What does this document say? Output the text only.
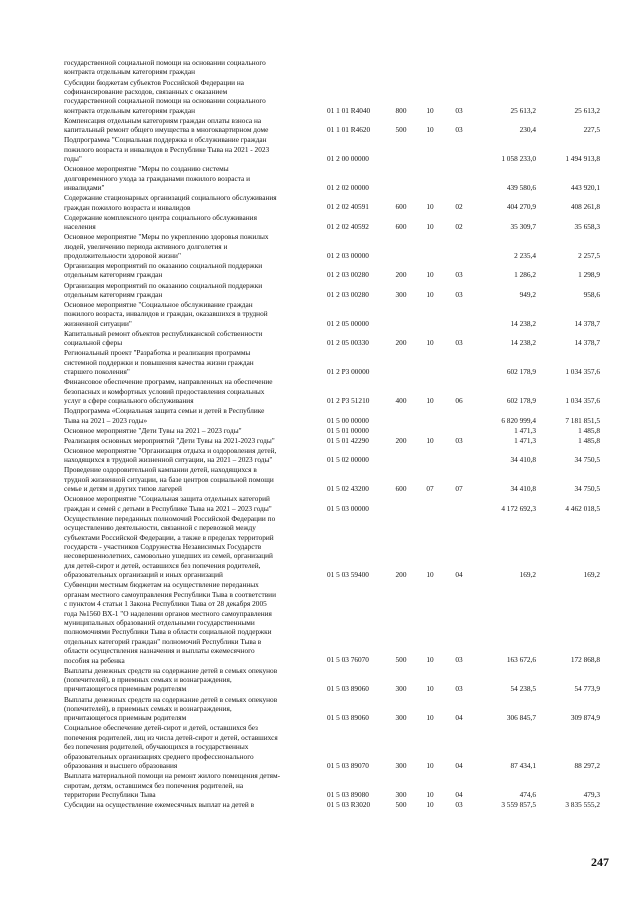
государственной социальной помощи на основании социального
контракта отдельным категориям граждан
Субсидии бюджетам субъектов Российской Федерации на
софинансирование расходов, связанных с оказанием
государственной социальной помощи на основании социального
контракта отдельным категориям граждан	01 1 01 R4040	800	10	03	25 613,2	25 613,2
Компенсация отдельным категориям граждан оплаты взноса на
капитальный ремонт общего имущества в многоквартирном доме	01 1 01 R4620	500	10	03	230,4	227,5
Подпрограмма "Социальная поддержка и обслуживание граждан
пожилого возраста и инвалидов в Республике Тыва на 2021 - 2023
годы"	01 2 00 00000	1 058 233,0	1 494 913,8
Основное мероприятие "Меры по созданию системы
долговременного ухода за гражданами пожилого возраста и
инвалидами"	01 2 02 00000	439 580,6	443 920,1
Содержание стационарных организаций социального обслуживания
граждан пожилого возраста и инвалидов	01 2 02 40591	600	10	02	404 270,9	408 261,8
Содержание комплексного центра социального обслуживания
населения	01 2 02 40592	600	10	02	35 309,7	35 658,3
Основное мероприятие "Меры по укреплению здоровья пожилых
людей, увеличению периода активного долголетия и
продолжительности здоровой жизни"	01 2 03 00000	2 235,4	2 257,5
Организация мероприятий по оказанию социальной поддержки
отдельным категориям граждан	01 2 03 00280	200	10	03	1 286,2	1 298,9
Организация мероприятий по оказанию социальной поддержки
отдельным категориям граждан	01 2 03 00280	300	10	03	949,2	958,6
Основное мероприятие "Социальное обслуживание граждан
пожилого возраста, инвалидов и граждан, оказавшихся в трудной
жизненной ситуации"	01 2 05 00000	14 238,2	14 378,7
Капитальный ремонт объектов республиканской собственности
социальной сферы	01 2 05 00330	200	10	03	14 238,2	14 378,7
Региональный проект "Разработка и реализация программы
системной поддержки и повышения качества жизни граждан
старшего поколения"	01 2 P3 00000	602 178,9	1 034 357,6
Финансовое обеспечение программ, направленных на обеспечение
безопасных и комфортных условий предоставления социальных
услуг в сфере социального обслуживания	01 2 P3 51210	400	10	06	602 178,9	1 034 357,6
Подпрограмма «Социальная защита семьи и детей в Республике
Тыва на 2021 – 2023 годы»	01 5 00 00000	6 820 999,4	7 181 851,5
Основное мероприятие "Дети Тувы на 2021 – 2023 годы"	01 5 01 00000	1 471,3	1 485,8
Реализация основных мероприятий "Дети Тувы на 2021-2023 годы"	01 5 01 42290	200	10	03	1 471,3	1 485,8
Основное мероприятие "Организация отдыха и оздоровления детей,
находящихся в трудной жизненной ситуации, на 2021 – 2023 годы"	01 5 02 00000	34 410,8	34 750,5
Проведение оздоровительной кампании детей, находящихся в
трудной жизненной ситуации, на базе центров социальной помощи
семье и детям и других типов лагерей	01 5 02 43200	600	07	07	34 410,8	34 750,5
Основное мероприятие "Социальная защита отдельных категорий
граждан и семей с детьми в Республике Тыва на 2021 – 2023 годы"	01 5 03 00000	4 172 692,3	4 462 018,5
Осуществление переданных полномочий Российской Федерации по
осуществлению деятельности, связанной с перевозкой между
субъектами Российской Федерации, а также в пределах территорий
государств - участников Содружества Независимых Государств
несовершеннолетних, самовольно ушедших из семей, организаций
для детей-сирот и детей, оставшихся без попечения родителей,
образовательных организаций и иных организаций	01 5 03 59400	200	10	04	169,2	169,2
Субвенции местным бюджетам на осуществление переданных
органам местного самоуправления Республики Тыва в соответствии
с пунктом 4 статьи 1 Закона Республики Тыва от 28 декабря 2005
года №1560 ВХ-1 "О наделении органов местного самоуправления
муниципальных образований отдельными государственными
полномочиями Республики Тыва в области социальной поддержки
отдельных категорий граждан" полномочий Республики Тыва в
области осуществления назначения и выплаты ежемесячного
пособия на ребенка	01 5 03 76070	500	10	03	163 672,6	172 868,8
Выплаты денежных средств на содержание детей в семьях опекунов
(попечителей), в приемных семьях и вознаграждения,
причитающегося приемным родителям	01 5 03 89060	300	10	03	54 238,5	54 773,9
Выплаты денежных средств на содержание детей в семьях опекунов
(попечителей), в приемных семьях и вознаграждения,
причитающегося приемным родителям	01 5 03 89060	300	10	04	306 845,7	309 874,9
Социальное обеспечение детей-сирот и детей, оставшихся без
попечения родителей, лиц из числа детей-сирот и детей, оставшихся
без попечения родителей, обучающихся в государственных
образовательных организациях среднего профессионального
образования и высшего образования	01 5 03 89070	300	10	04	87 434,1	88 297,2
Выплата материальной помощи на ремонт жилого помещения детям-
сиротам, детям, оставшимся без попечения родителей, на
территории Республики Тыва	01 5 03 89080	300	10	04	474,6	479,3
Субсидии на осуществление ежемесячных выплат на детей в	01 5 03 R3020	500	10	03	3 559 857,5	3 835 555,2
247
